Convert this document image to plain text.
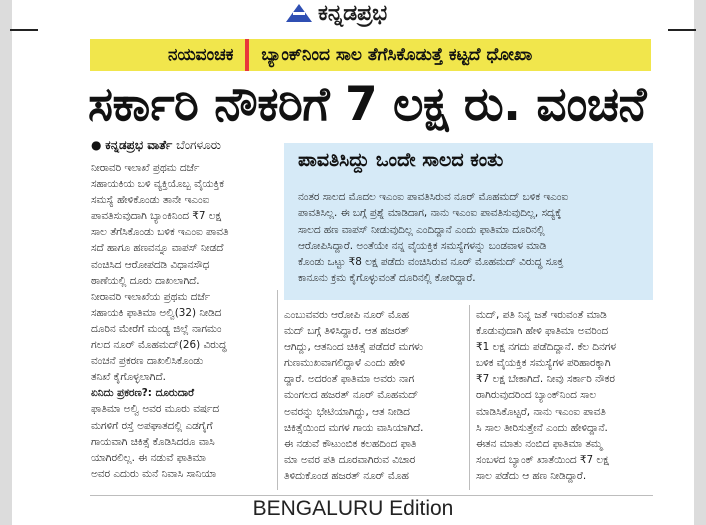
ಕನ್ನಡಪ್ರಭ
ನಯವಂಚಕ ಬ್ಯಾಂಕ್‌ನಿಂದ ಸಾಲ ತೆಗೆಸಿಕೊಡುತ್ತೆ ಕಟ್ಟದೆ ಧೋಖಾ
ಸರ್ಕಾರಿ ನೌಕರಿಗೆ 7 ಲಕ್ಷ ರು. ವಂಚನೆ
● ಕನ್ನಡಪ್ರಭ ವಾರ್ತೆ ಬೆಂಗಳೂರು
ನೀರಾವರಿ ಇಲಾಖೆ ಪ್ರಥಮ ದರ್ಜೆ
ಸಹಾಯಕಿಯ ಬಳಿ ವ್ಯಕ್ತಿಯೊಬ್ಬ ವೈಯಕ್ತಿಕ
ಸಮಸ್ಯೆ ಹೇಳಿಕೊಂಡು ತಾನೇ ಇಎಂಐ
ಪಾವತಿಸುವುದಾಗಿ ಬ್ಯಾಂಕಿನಿಂದ ₹7 ಲಕ್ಷ
ಸಾಲ ತೆಗೆಸಿಕೊಂಡು ಬಳಿಕ ಇಎಂಐ ಪಾವತಿ
ಸದೆ ಹಾಗೂ ಹಣವನ್ನೂ ವಾಪಸ್ ನೀಡದೆ
ವಂಚಿಸಿದ ಆರೋಪದಡಿ ವಿಧಾನಸೌಧ
ಠಾಣೆಯಲ್ಲಿ ದೂರು ದಾಖಲಾಗಿದೆ.
ನೀರಾವರಿ ಇಲಾಖೆಯ ಪ್ರಥಮ ದರ್ಜೆ
ಸಹಾಯಕಿ ಫಾತಿಮಾ ಅಲ್ವಿ(32) ನೀಡಿದ
ದೂರಿನ ಮೇರೆಗೆ ಮಂಡ್ಯ ಜಿಲ್ಲೆ ನಾಗಮಂ
ಗಲದ ನೂರ್ ಮೊಹಮದ್(26) ವಿರುದ್ಧ
ವಂಚನೆ ಪ್ರಕರಣ ದಾಖಲಿಸಿಕೊಂಡು
ತನಿಖೆ ಕೈಗೊಳ್ಳಲಾಗಿದೆ.
ಏನಿದು ಪ್ರಕರಣ?: ದೂರುದಾರೆ
ಫಾತಿಮಾ ಅಲ್ವಿ ಅವರ ಮೂರು ವರ್ಷದ
ಮಗಳಿಗೆ ರಸ್ತೆ ಅಪಘಾತದಲ್ಲಿ ಎಡಗೈಗೆ
ಗಾಯವಾಗಿ ಚಿಕಿತ್ಸೆ ಕೊಡಿಸಿದರೂ ವಾಸಿ
ಯಾಗಿರಲಿಲ್ಲ. ಈ ನಡುವೆ ಫಾತಿಮಾ
ಅವರ ಎದುರು ಮನೆ ನಿವಾಸಿ ಸಾನಿಯಾ
ಪಾವತಿಸಿದ್ದು ಒಂದೇ ಸಾಲದ ಕಂತು
ನಂತರ ಸಾಲದ ಮೊದಲ ಇಎಂಐ ಪಾವತಿಸಿರುವ ನೂರ್ ಮೊಹಮದ್ ಬಳಿಕ ಇಎಂಐ
ಪಾವತಿಸಿಲ್ಲ. ಈ ಬಗ್ಗೆ ಪ್ರಶ್ನೆ ಮಾಡಿದಾಗ, ನಾನು ಇಎಂಐ ಪಾವತಿಸುವುದಿಲ್ಲ, ಸದ್ಯಕ್ಕೆ
ಸಾಲದ ಹಣ ವಾಪಸ್ ನೀಡುವುದಿಲ್ಲ ಎಂದಿದ್ದಾನೆ ಎಂದು ಫಾತಿಮಾ ದೂರಿನಲ್ಲಿ
ಆರೋಪಿಸಿದ್ದಾರೆ. ಅಂತೆಯೇ ನನ್ನ ವೈಯಕ್ತಿಕ ಸಮಸ್ಯೆಗಳನ್ನು ಬಂಡವಾಳ ಮಾಡಿ
ಕೊಂಡು ಒಟ್ಟು ₹8 ಲಕ್ಷ ಪಡೆದು ವಂಚಿಸಿರುವ ನೂರ್ ಮೊಹಮದ್ ವಿರುದ್ಧ ಸೂಕ್ತ
ಕಾನೂನು ಕ್ರಮ ಕೈಗೊಳ್ಳುವಂತೆ ದೂರಿನಲ್ಲಿ ಕೋರಿದ್ದಾರೆ.
ಎಂಬುವವರು ಆರೋಪಿ ನೂರ್ ಮೊಹ
ಮದ್ ಬಗ್ಗೆ ತಿಳಿಸಿದ್ದಾರೆ. ಆತ ಹಜರತ್
ಆಗಿದ್ದು, ಆತನಿಂದ ಚಿಕಿತ್ಸೆ ಪಡೆದರೆ ಮಗಳು
ಗುಣಮುಖವಾಗಲಿದ್ದಾಳೆ ಎಂದು ಹೇಳಿ
ದ್ದಾರೆ. ಅದರಂತೆ ಫಾತಿಮಾ ಅವರು ನಾಗ
ಮಂಗಲದ ಹಜರತ್ ನೂರ್ ಮೊಹಮದ್
ಅವರನ್ನು ಭೇಟಿಯಾಗಿದ್ದು, ಆತ ನೀಡಿದ
ಚಿಕಿತ್ಸೆಯಿಂದ ಮಗಳ ಗಾಯ ವಾಸಿಯಾಗಿದೆ.
ಈ ನಡುವೆ ಕೌಟುಂಬಿಕ ಕಲಹದಿಂದ ಫಾತಿ
ಮಾ ಅವರ ಪತಿ ದೂರವಾಗಿರುವ ವಿಚಾರ
ತಿಳಿದುಕೊಂಡ ಹಜರತ್ ನೂರ್ ಮೊಹ
ಮದ್, ಪತಿ ನಿನ್ನ ಜತೆ ಇರುವಂತೆ ಮಾಡಿ
ಕೊಡುವುದಾಗಿ ಹೇಳಿ ಫಾತಿಮಾ ಅವರಿಂದ
₹1 ಲಕ್ಷ ನಗದು ಪಡೆದಿದ್ದಾನೆ. ಕೆಲ ದಿನಗಳ
ಬಳಿಕ ವೈಯಕ್ತಿಕ ಸಮಸ್ಯೆಗಳ ಪರಿಹಾರಕ್ಕಾಗಿ
₹7 ಲಕ್ಷ ಬೇಕಾಗಿದೆ. ನೀವು ಸರ್ಕಾರಿ ನೌಕರ
ರಾಗಿರುವುದರಿಂದ ಬ್ಯಾಂಕ್‌ನಿಂದ ಸಾಲ
ಮಾಡಿಸಿಕೊಟ್ಟರೆ, ನಾನು ಇಎಂಐ ಪಾವತಿ
ಸಿ ಸಾಲ ತೀರಿಸುತ್ತೇನೆ ಎಂದು ಹೇಳಿದ್ದಾನೆ.
ಈತನ ಮಾತು ನಂಬಿದ ಫಾತಿಮಾ ತಮ್ಮ
ಸಂಬಳದ ಬ್ಯಾಂಕ್ ಖಾತೆಯಿಂದ ₹7 ಲಕ್ಷ
ಸಾಲ ಪಡೆದು ಆ ಹಣ ನೀಡಿದ್ದಾರೆ.
BENGALURU Edition
